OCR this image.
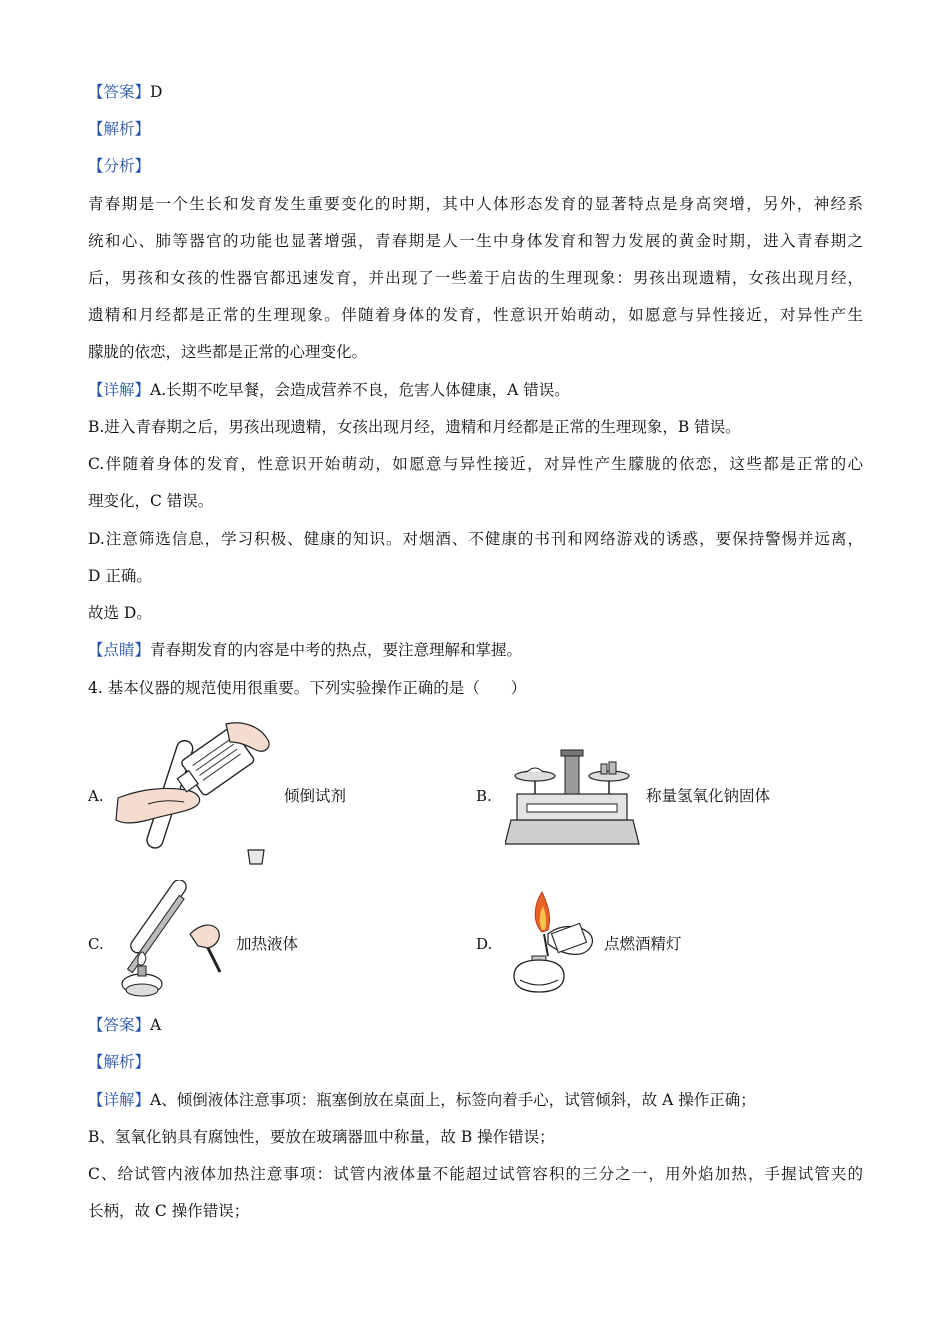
【答案】D
【解析】
【分析】
青春期是一个生长和发育发生重要变化的时期，其中人体形态发育的显著特点是身高突增，另外，神经系
统和心、肺等器官的功能也显著增强，青春期是人一生中身体发育和智力发展的黄金时期，进入青春期之
后，男孩和女孩的性器官都迅速发育，并出现了一些羞于启齿的生理现象：男孩出现遗精，女孩出现月经，
遗精和月经都是正常的生理现象。伴随着身体的发育，性意识开始萌动，如愿意与异性接近，对异性产生
朦胧的依恋，这些都是正常的心理变化。
【详解】A.长期不吃早餐，会造成营养不良，危害人体健康，A 错误。
B.进入青春期之后，男孩出现遗精，女孩出现月经，遗精和月经都是正常的生理现象，B 错误。
C.伴随着身体的发育，性意识开始萌动，如愿意与异性接近，对异性产生朦胧的依恋，这些都是正常的心
理变化，C 错误。
D.注意筛选信息，学习积极、健康的知识。对烟酒、不健康的书刊和网络游戏的诱惑，要保持警惕并远离，
D 正确。
故选 D。
【点睛】青春期发育的内容是中考的热点，要注意理解和掌握。
4. 基本仪器的规范使用很重要。下列实验操作正确的是（　　）
A.	倾倒试剂	B.	称量氢氧化钠固体
C.	加热液体	D.	点燃酒精灯
【答案】A
【解析】
【详解】A、倾倒液体注意事项：瓶塞倒放在桌面上，标签向着手心，试管倾斜，故 A 操作正确；
B、氢氧化钠具有腐蚀性，要放在玻璃器皿中称量，故 B 操作错误；
C、给试管内液体加热注意事项：试管内液体量不能超过试管容积的三分之一，用外焰加热，手握试管夹的
长柄，故 C 操作错误；
